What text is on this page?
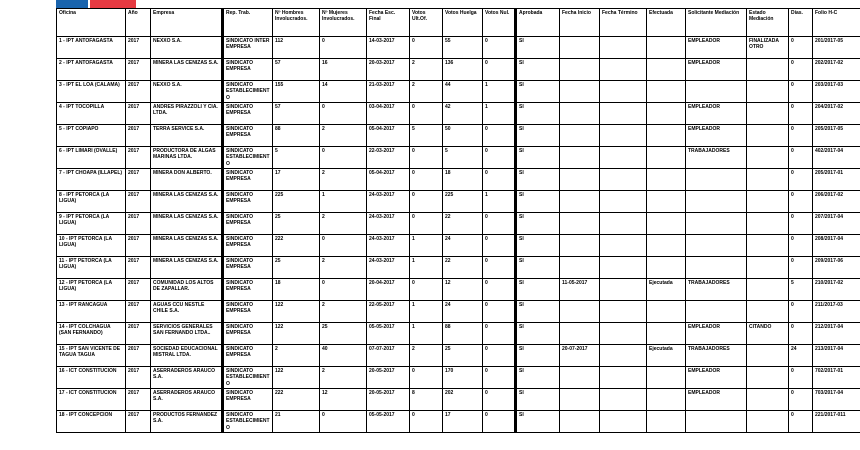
Oficina	Año	Empresa	Rep. Trab.	Nº Hombres Involucrados.	Nº Mujeres Involucrados.	Fecha Esc. Final	Votos Ult.Of.	Votos Huelga	Votos Nul.	Aprobada	Fecha Inicio	Fecha Término	Efectuada	Solicitante Mediación	Estado Mediación	Días.	Folio H-C	
1 - IPT ANTOFAGASTA	2017	NEXXO S.A.	SINDICATO INTER EMPRESA	112	0	14-03-2017	0	55	0	SI				EMPLEADOR	FINALIZADA OTRO	0	201/2017-05	
2 - IPT ANTOFAGASTA	2017	MINERA LAS CENIZAS S.A.	SINDICATO EMPRESA	57	16	20-03-2017	2	136	0	SI				EMPLEADOR		0	202/2017-02	
3 - IPT EL LOA (CALAMA)	2017	NEXXO S.A.	SINDICATO ESTABLECIMIENTO	155	14	21-03-2017	2	44	1	SI						0	203/2017-03	
4 - IPT TOCOPILLA	2017	ANDRES PIRAZZOLI Y CIA. LTDA.	SINDICATO EMPRESA	57	0	03-04-2017	0	42	1	SI				EMPLEADOR		0	204/2017-02	
5 - IPT COPIAPO	2017	TERRA SERVICE S.A.	SINDICATO EMPRESA	88	2	05-04-2017	5	50	0	SI				EMPLEADOR		0	205/2017-05	
6 - IPT LIMARI (OVALLE)	2017	PRODUCTORA DE ALGAS MARINAS LTDA.	SINDICATO ESTABLECIMIENTO	5	0	22-03-2017	0	5	0	SI				TRABAJADORES		0	402/2017-04	
7 - IPT CHOAPA (ILLAPEL)	2017	MINERA DON ALBERTO.	SINDICATO EMPRESA	17	2	05-04-2017	0	18	0	SI						0	205/2017-01	
8 - IPT PETORCA (LA LIGUA)	2017	MINERA LAS CENIZAS S.A.	SINDICATO EMPRESA	225	1	24-03-2017	0	225	1	SI						0	206/2017-02	
9 - IPT PETORCA (LA LIGUA)	2017	MINERA LAS CENIZAS S.A.	SINDICATO EMPRESA	25	2	24-03-2017	0	22	0	SI						0	207/2017-04	
10 - IPT PETORCA (LA LIGUA)	2017	MINERA LAS CENIZAS S.A.	SINDICATO EMPRESA	222	0	24-03-2017	1	24	0	SI						0	208/2017-04	
11 - IPT PETORCA (LA LIGUA)	2017	MINERA LAS CENIZAS S.A.	SINDICATO EMPRESA	25	2	24-03-2017	1	22	0	SI						0	209/2017-06	
12 - IPT PETORCA (LA LIGUA)	2017	COMUNIDAD LOS ALTOS DE ZAPALLAR.	SINDICATO EMPRESA	18	0	20-04-2017	0	12	0	SI	11-05-2017		Ejecutada	TRABAJADORES		5	210/2017-02	
13 - IPT RANCAGUA	2017	AGUAS CCU NESTLE CHILE S.A.	SINDICATO EMPRESA	122	2	22-05-2017	1	24	0	SI						0	211/2017-03	
14 - IPT COLCHAGUA (SAN FERNANDO)	2017	SERVICIOS GENERALES SAN FERNANDO LTDA..	SINDICATO EMPRESA	122	25	05-05-2017	1	88	0	SI				EMPLEADOR	CITANDO	0	212/2017-04	
15 - IPT SAN VICENTE DE TAGUA TAGUA	2017	SOCIEDAD EDUCACIONAL MISTRAL LTDA.	SINDICATO EMPRESA	2	40	07-07-2017	2	25	0	SI	20-07-2017		Ejecutada	TRABAJADORES		24	213/2017-04	
16 - ICT CONSTITUCION	2017	ASERRADEROS ARAUCO S.A.	SINDICATO ESTABLECIMIENTO	122	2	20-05-2017	0	170	0	SI				EMPLEADOR		0	702/2017-01	
17 - ICT CONSTITUCION	2017	ASERRADEROS ARAUCO S.A.	SINDICATO EMPRESA	222	12	20-05-2017	8	202	0	SI				EMPLEADOR		0	703/2017-04	
18 - IPT CONCEPCION	2017	PRODUCTOS FERNANDEZ S.A.	SINDICATO ESTABLECIMIENTO	21	0	05-05-2017	0	17	0	SI						0	221/2017-011	
